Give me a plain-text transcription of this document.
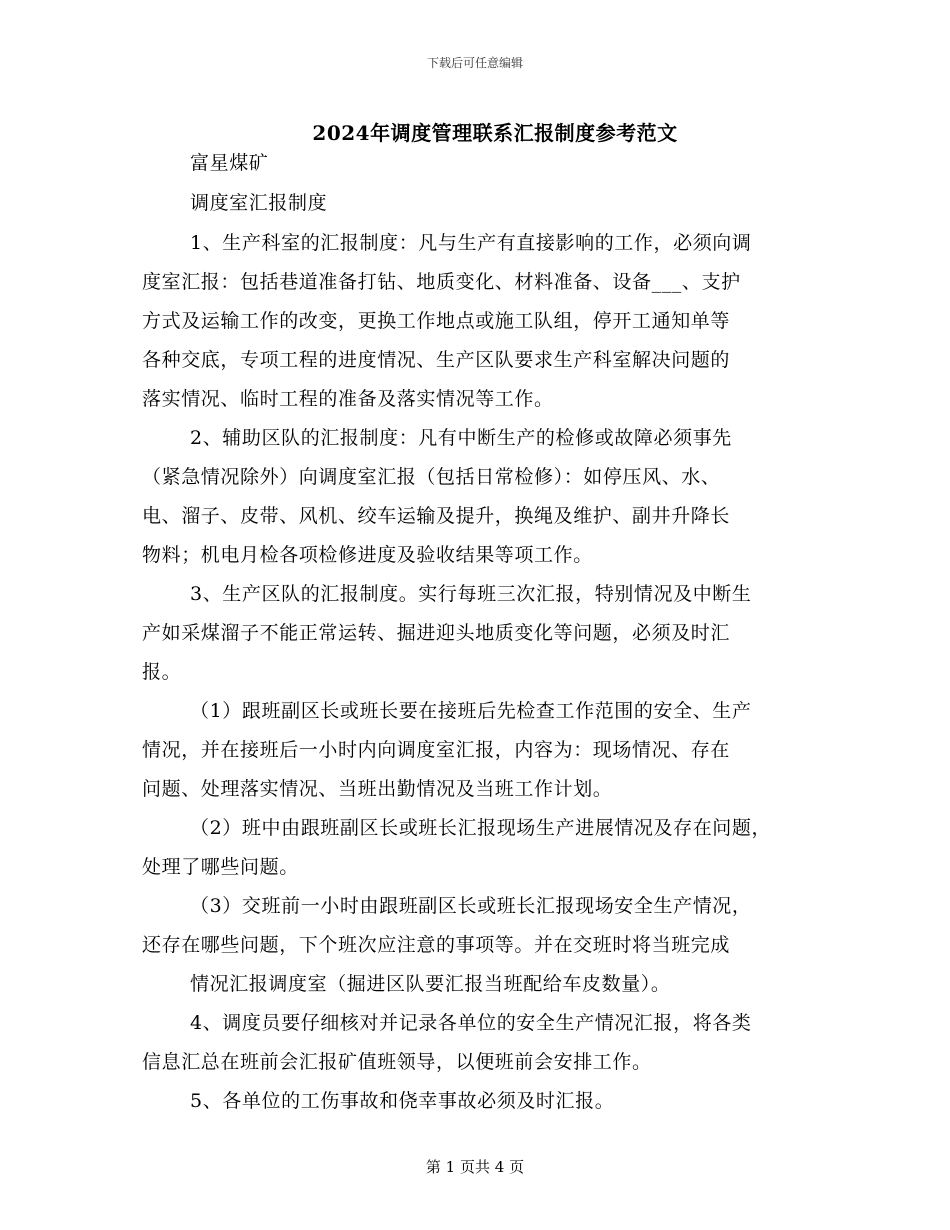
下载后可任意编辑
2024年调度管理联系汇报制度参考范文
富星煤矿
调度室汇报制度
1、生产科室的汇报制度：凡与生产有直接影响的工作，必须向调
度室汇报：包括巷道准备打钻、地质变化、材料准备、设备___、支护
方式及运输工作的改变，更换工作地点或施工队组，停开工通知单等
各种交底，专项工程的进度情况、生产区队要求生产科室解决问题的
落实情况、临时工程的准备及落实情况等工作。
2、辅助区队的汇报制度：凡有中断生产的检修或故障必须事先
（紧急情况除外）向调度室汇报（包括日常检修）：如停压风、水、
电、溜子、皮带、风机、绞车运输及提升，换绳及维护、副井升降长
物料；机电月检各项检修进度及验收结果等项工作。
3、生产区队的汇报制度。实行每班三次汇报，特别情况及中断生
产如采煤溜子不能正常运转、掘进迎头地质变化等问题，必须及时汇
报。
（1）跟班副区长或班长要在接班后先检查工作范围的安全、生产
情况，并在接班后一小时内向调度室汇报，内容为：现场情况、存在
问题、处理落实情况、当班出勤情况及当班工作计划。
（2）班中由跟班副区长或班长汇报现场生产进展情况及存在问题，
处理了哪些问题。
（3）交班前一小时由跟班副区长或班长汇报现场安全生产情况，
还存在哪些问题，下个班次应注意的事项等。并在交班时将当班完成
情况汇报调度室（掘进区队要汇报当班配给车皮数量）。
4、调度员要仔细核对并记录各单位的安全生产情况汇报，将各类
信息汇总在班前会汇报矿值班领导，以便班前会安排工作。
5、各单位的工伤事故和侥幸事故必须及时汇报。
第 1 页共 4 页
